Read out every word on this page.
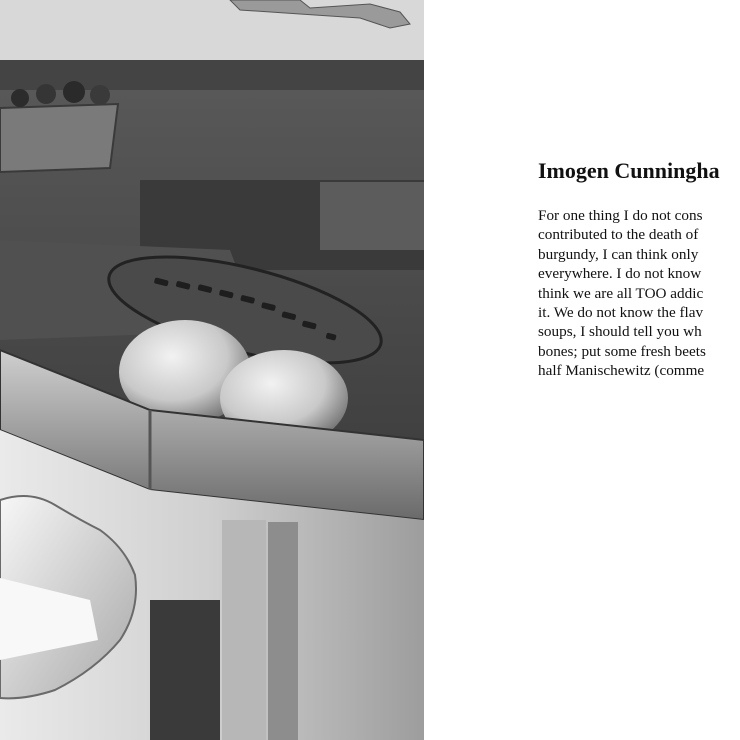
Imogen Cunningha
For one thing I do not cons
contributed to the death of
burgundy, I can think only
everywhere. I do not know
think we are all TOO addic
it. We do not know the flav
soups, I should tell you wh
bones; put some fresh beets
half Manischewitz (comme
